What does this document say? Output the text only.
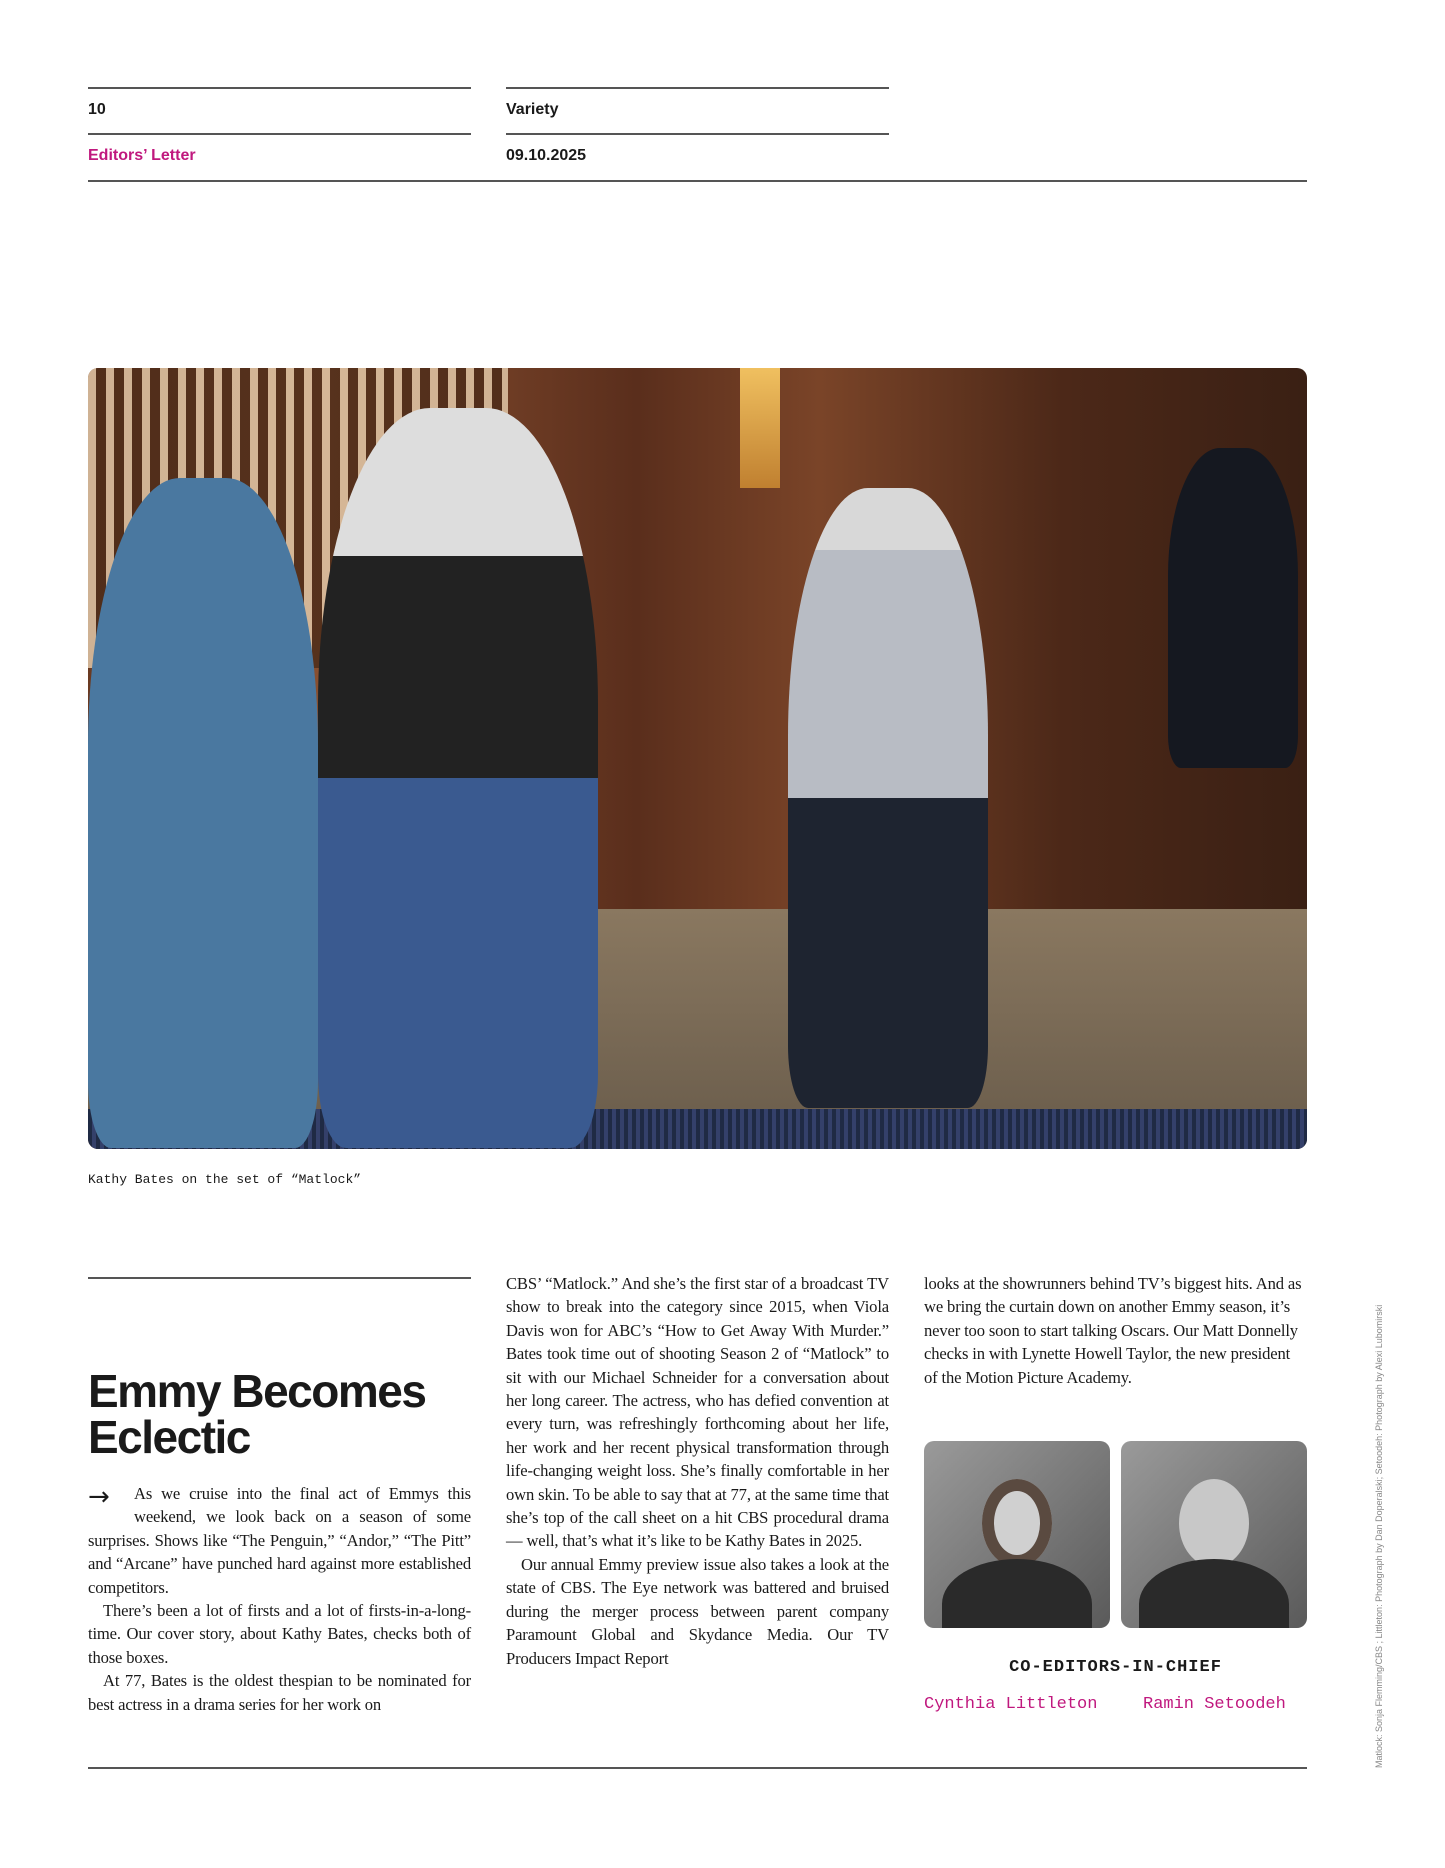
10	Variety
Editors’ Letter	09.10.2025
Kathy Bates on the set of “Matlock”
Emmy Becomes Eclectic
→	As we cruise into the final act of Emmys this weekend, we look back on a season of some surprises. Shows like “The Penguin,” “Andor,” “The Pitt” and “Arcane” have punched hard against more established competitors.

There’s been a lot of firsts and a lot of firsts-in-a-long-time. Our cover story, about Kathy Bates, checks both of those boxes.

At 77, Bates is the oldest thespian to be nominated for best actress in a drama series for her work on

CBS’ “Matlock.” And she’s the first star of a broadcast TV show to break into the category since 2015, when Viola Davis won for ABC’s “How to Get Away With Murder.” Bates took time out of shooting Season 2 of “Matlock” to sit with our Michael Schneider for a conversation about her long career. The actress, who has defied convention at every turn, was refreshingly forthcoming about her life, her work and her recent physical transformation through life-changing weight loss. She’s finally comfortable in her own skin. To be able to say that at 77, at the same time that she’s top of the call sheet on a hit CBS procedural drama — well, that’s what it’s like to be Kathy Bates in 2025.

Our annual Emmy preview issue also takes a look at the state of CBS. The Eye network was battered and bruised during the merger process between parent company Paramount Global and Skydance Media. Our TV Producers Impact Report

looks at the showrunners behind TV’s biggest hits. And as we bring the curtain down on another Emmy season, it’s never too soon to start talking Oscars. Our Matt Donnelly checks in with Lynette Howell Taylor, the new president of the Motion Picture Academy.

CO-EDITORS-IN-CHIEF
Cynthia Littleton	Ramin Setoodeh	Matlock: Sonja Flemming/CBS ; Littleton: Photograph by Dan Doperalski; Setoodeh: Photograph by Alexi Lubomirski
